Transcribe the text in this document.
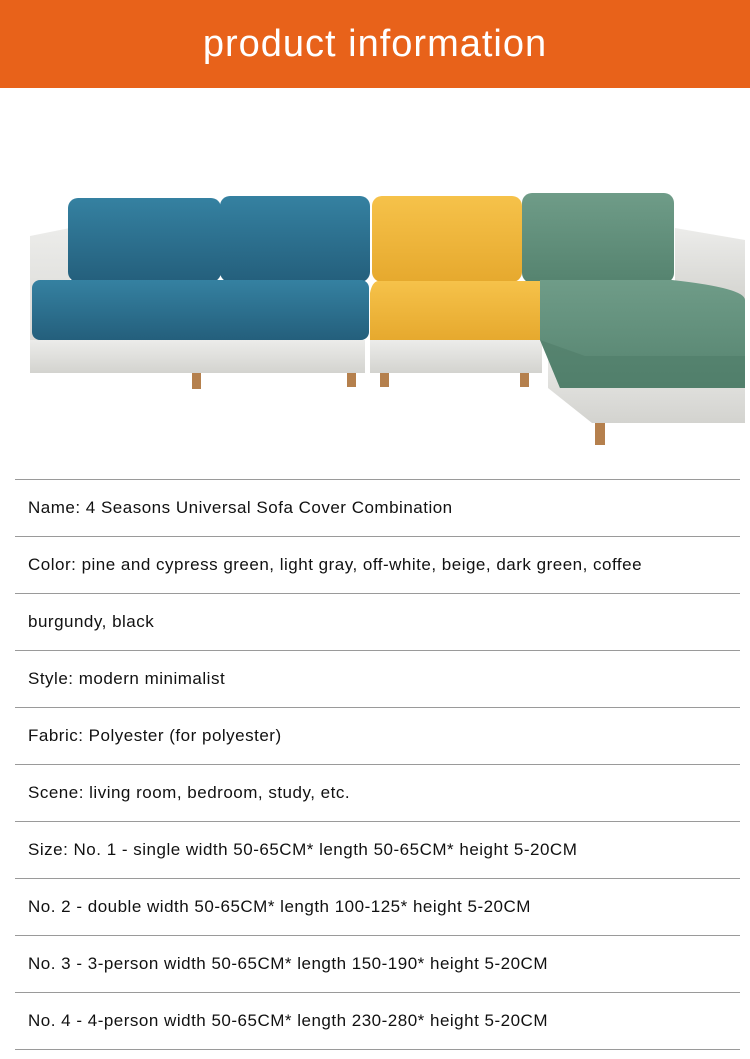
product information
Name: 4 Seasons Universal Sofa Cover Combination
Color: pine and cypress green, light gray, off-white, beige, dark green, coffee
burgundy, black
Style: modern minimalist
Fabric: Polyester (for polyester)
Scene: living room, bedroom, study, etc.
Size: No. 1 - single width 50-65CM* length 50-65CM* height 5-20CM
No. 2 - double width 50-65CM* length 100-125* height 5-20CM
No. 3 - 3-person width 50-65CM* length 150-190* height 5-20CM
No. 4 - 4-person width 50-65CM* length 230-280* height 5-20CM
